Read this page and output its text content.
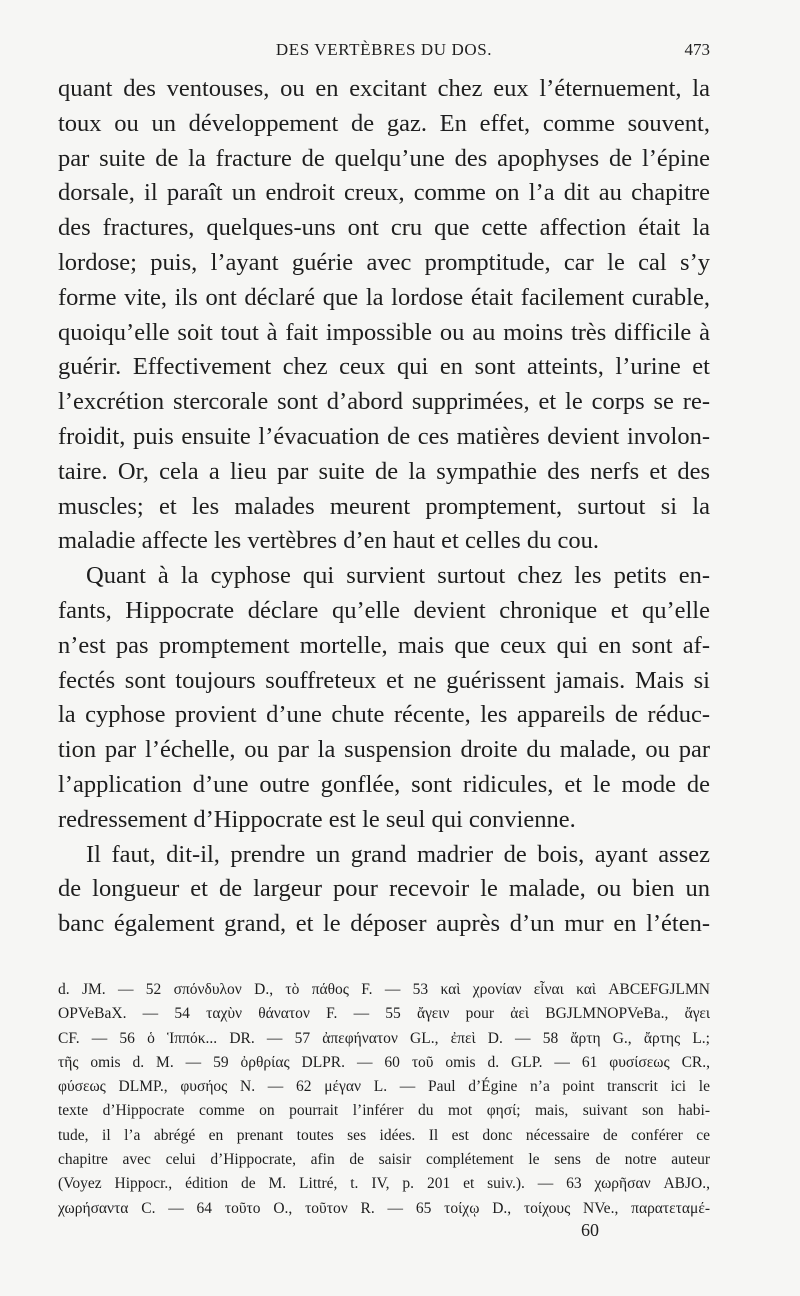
DES VERTÈBRES DU DOS.	473
quant des ventouses, ou en excitant chez eux l’éternuement, la
toux ou un développement de gaz. En effet, comme souvent,
par suite de la fracture de quelqu’une des apophyses de l’épine
dorsale, il paraît un endroit creux, comme on l’a dit au chapitre
des fractures, quelques-uns ont cru que cette affection était la
lordose; puis, l’ayant guérie avec promptitude, car le cal s’y
forme vite, ils ont déclaré que la lordose était facilement curable,
quoiqu’elle soit tout à fait impossible ou au moins très difficile à
guérir. Effectivement chez ceux qui en sont atteints, l’urine et
l’excrétion stercorale sont d’abord supprimées, et le corps se re-
froidit, puis ensuite l’évacuation de ces matières devient involon-
taire. Or, cela a lieu par suite de la sympathie des nerfs et des
muscles; et les malades meurent promptement, surtout si la
maladie affecte les vertèbres d’en haut et celles du cou.
Quant à la cyphose qui survient surtout chez les petits en-
fants, Hippocrate déclare qu’elle devient chronique et qu’elle
n’est pas promptement mortelle, mais que ceux qui en sont af-
fectés sont toujours souffreteux et ne guérissent jamais. Mais si
la cyphose provient d’une chute récente, les appareils de réduc-
tion par l’échelle, ou par la suspension droite du malade, ou par
l’application d’une outre gonflée, sont ridicules, et le mode de
redressement d’Hippocrate est le seul qui convienne.
Il faut, dit-il, prendre un grand madrier de bois, ayant assez
de longueur et de largeur pour recevoir le malade, ou bien un
banc également grand, et le déposer auprès d’un mur en l’éten-
d. JM. — 52 σπόνδυλον D., τὸ πάθος F. — 53 καὶ χρονίαν εἶναι καὶ ABCEFGJLMN
OPVeBaX. — 54 ταχὺν θάνατον F. — 55 ἄγειν pour ἀεὶ BGJLMNOPVeBa., ἄγει
CF. — 56 ὁ Ἱππόκ... DR. — 57 ἀπεφήνατον GL., ἐπεὶ D. — 58 ἄρτη G., ἄρτης L.;
τῆς omis d. M. — 59 ὀρθρίας DLPR. — 60 τοῦ omis d. GLP. — 61 φυσίσεως CR.,
φύσεως DLMP., φυσήος N. — 62 μέγαν L. — Paul d’Égine n’a point transcrit ici le
texte d’Hippocrate comme on pourrait l’inférer du mot φησί; mais, suivant son habi-
tude, il l’a abrégé en prenant toutes ses idées. Il est donc nécessaire de conférer ce
chapitre avec celui d’Hippocrate, afin de saisir complétement le sens de notre auteur
(Voyez Hippocr., édition de M. Littré, t. IV, p. 201 et suiv.). — 63 χωρῆσαν ABJO.,
χωρήσαντα C. — 64 τοῦτο O., τοῦτον R. — 65 τοίχῳ D., τοίχους NVe., παρατεταμέ-
60
